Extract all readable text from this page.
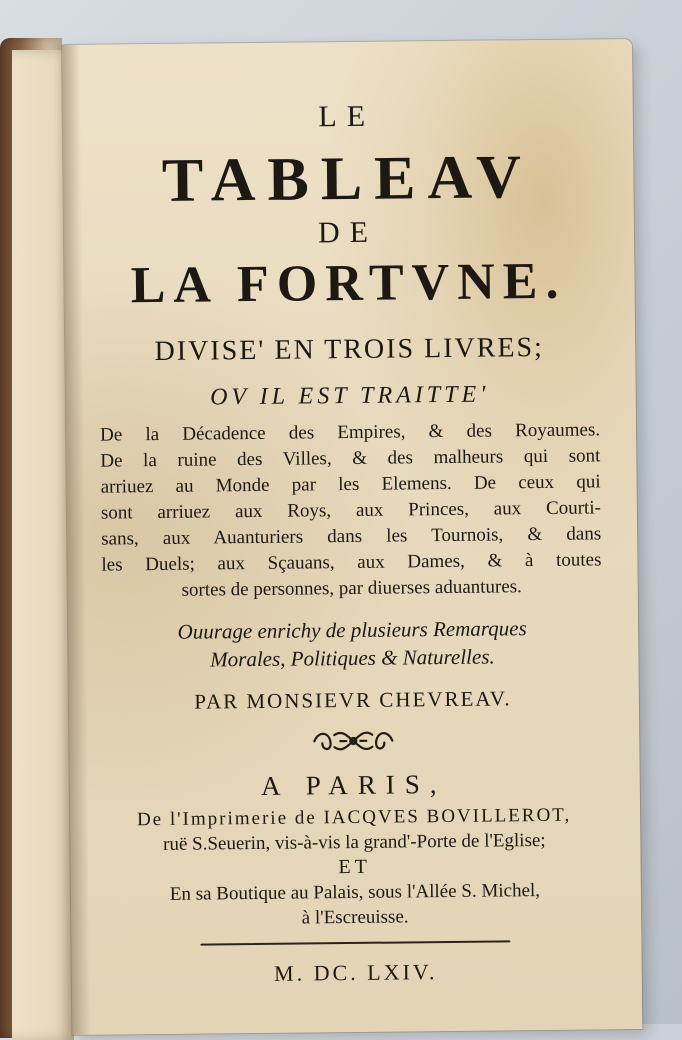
LE
TABLEAV
DE
LA FORTVNE.
DIVISE' EN TROIS LIVRES;
OV IL EST TRAITTE'
De la Décadence des Empires, & des Royaumes.
De la ruine des Villes, & des malheurs qui sont
arriuez au Monde par les Elemens. De ceux qui
sont arriuez aux Roys, aux Princes, aux Courti-
sans, aux Auanturiers dans les Tournois, & dans
les Duels; aux Sçauans, aux Dames, & à toutes
sortes de personnes, par diuerses aduantures.
Ouurage enrichy de plusieurs Remarques
Morales, Politiques & Naturelles.
PAR MONSIEVR CHEVREAV.
A PARIS,
De l'Imprimerie de IACQVES BOVILLEROT,
ruë S.Seuerin, vis-à-vis la grand'-Porte de l'Eglise;
ET
En sa Boutique au Palais, sous l'Allée S. Michel,
à l'Escreuisse.
M. DC. LXIV.
